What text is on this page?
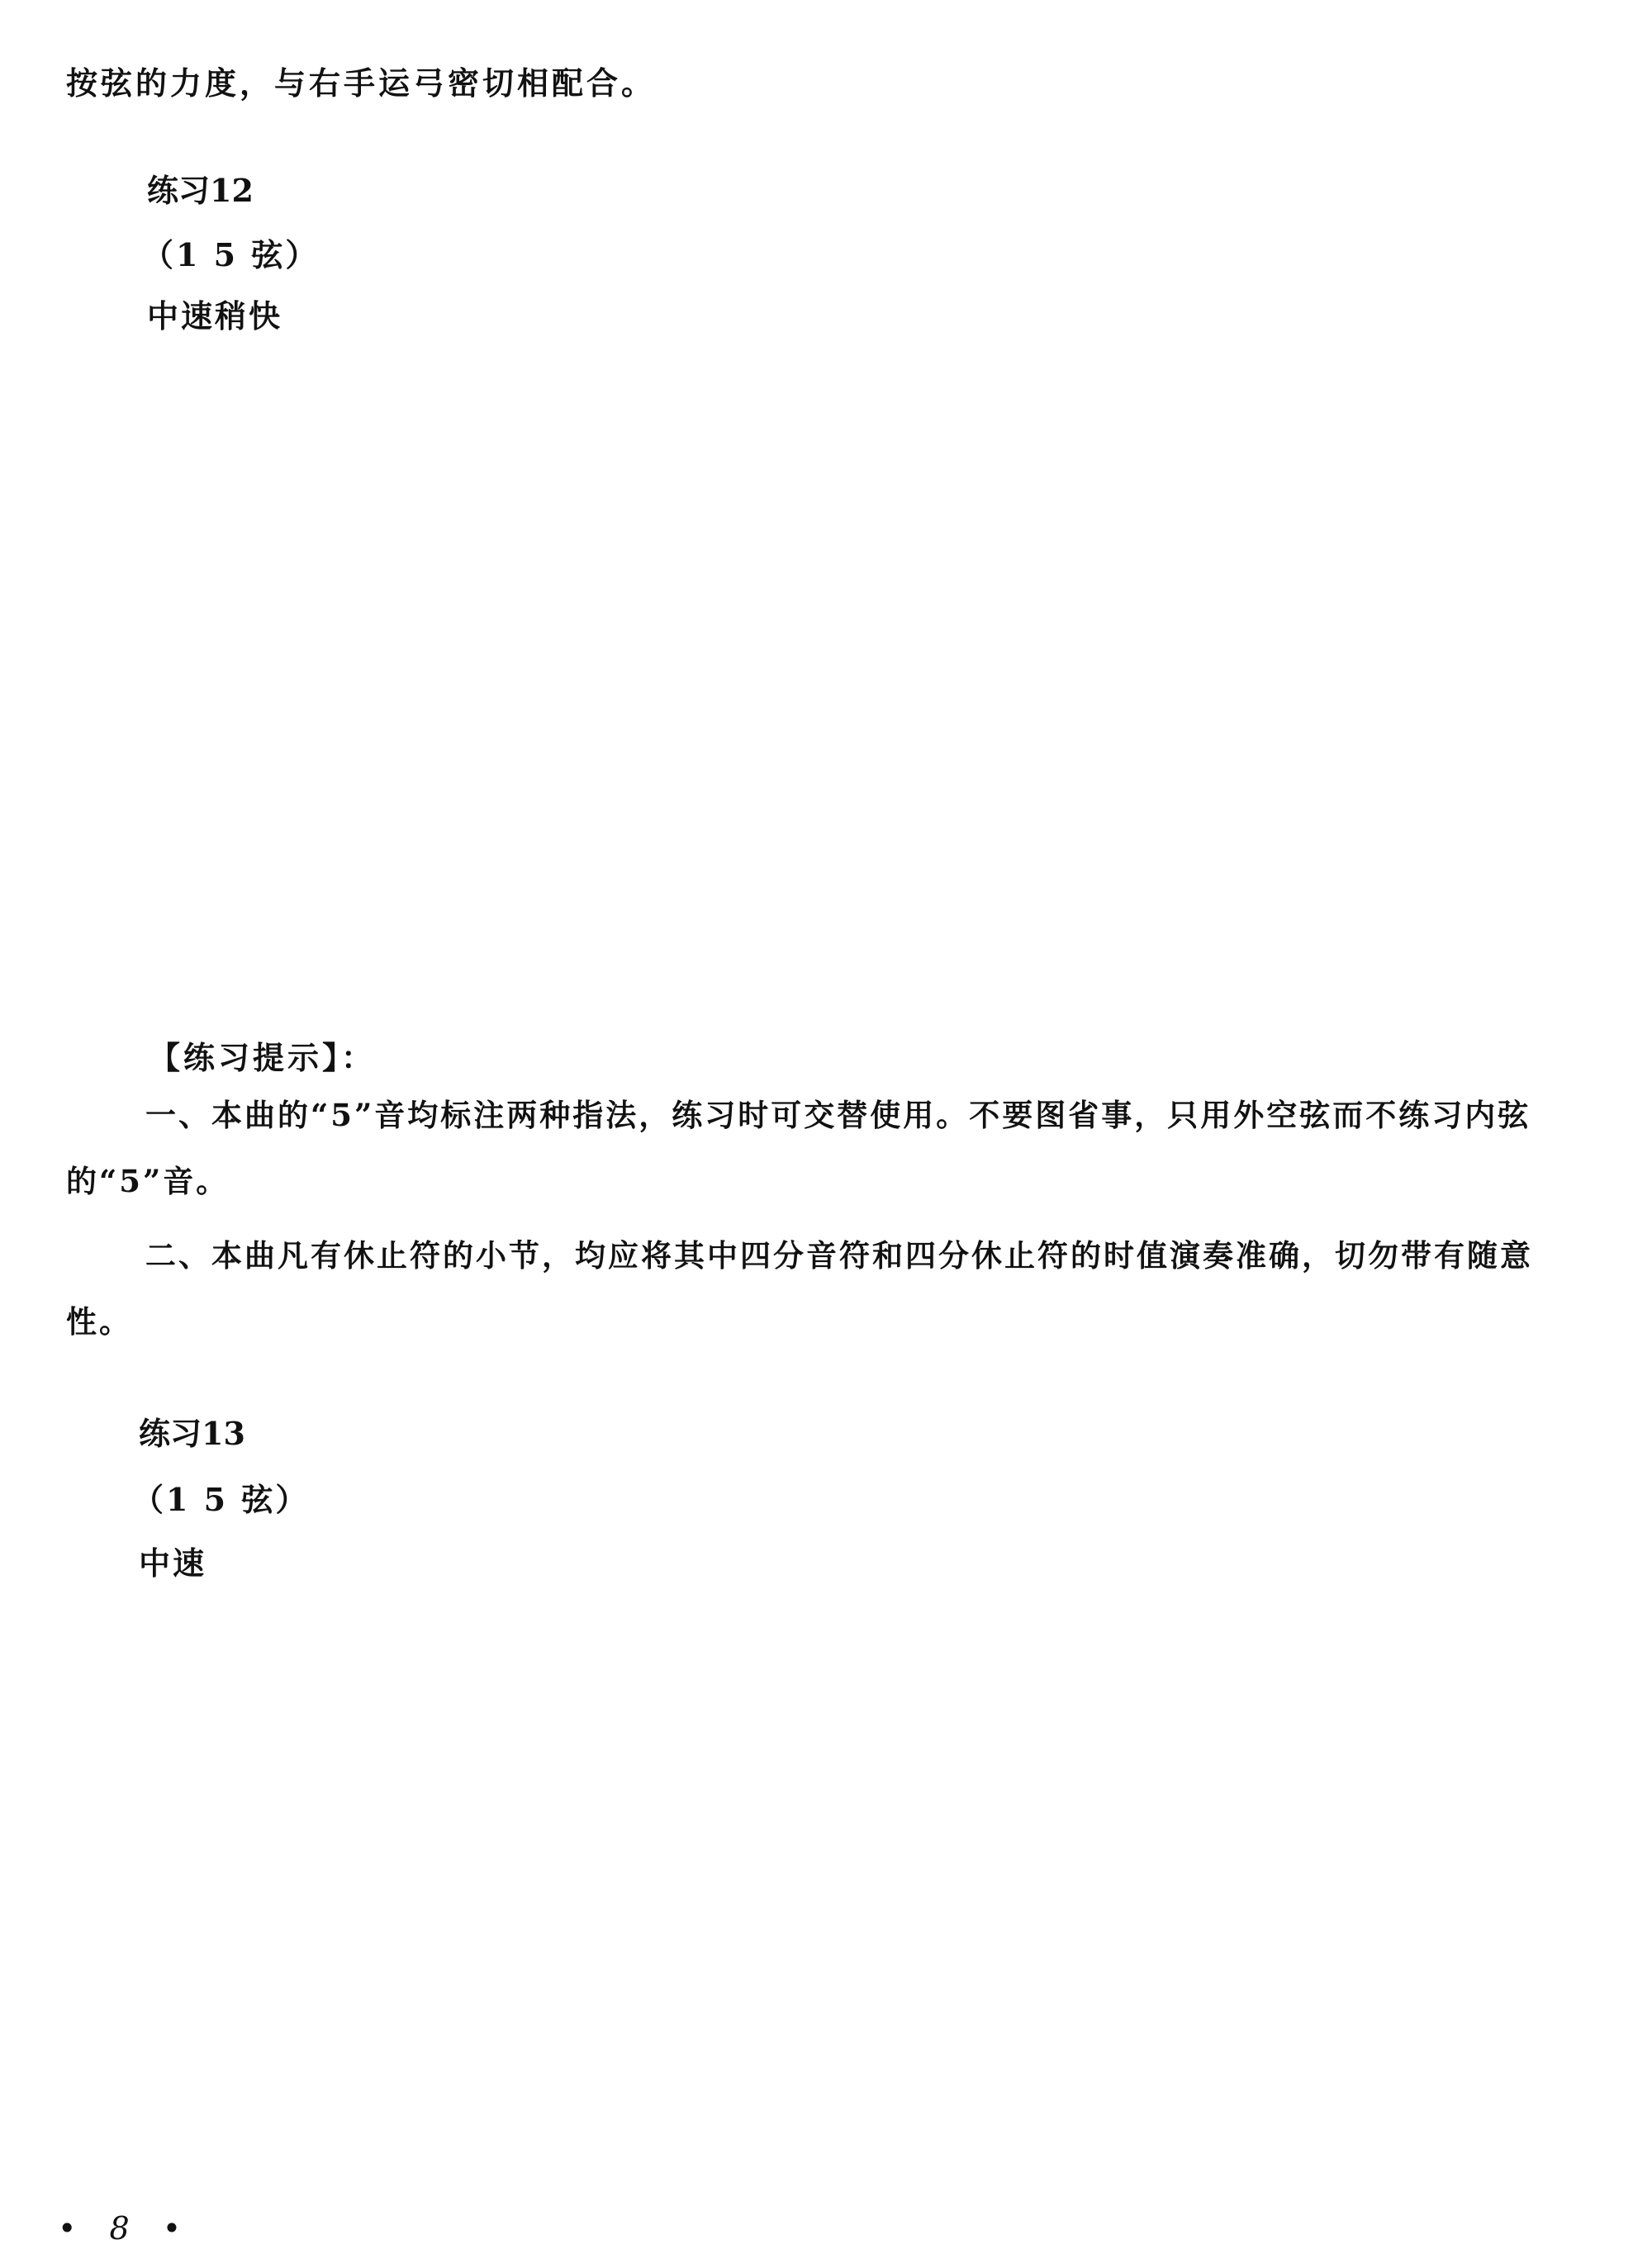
按弦的力度，与右手运弓密切相配合。
练习12
（1 5 弦）
中速稍快
【练习提示】：
一、本曲的“5”音均标注两种指法，练习时可交替使用。不要图省事，只用外空弦而不练习内弦的“5”音。
二、本曲凡有休止符的小节，均应将其中四分音符和四分休止符的时值演奏准确，切勿带有随意性。
练习13
（1 5 弦）
中速
• 8 •
